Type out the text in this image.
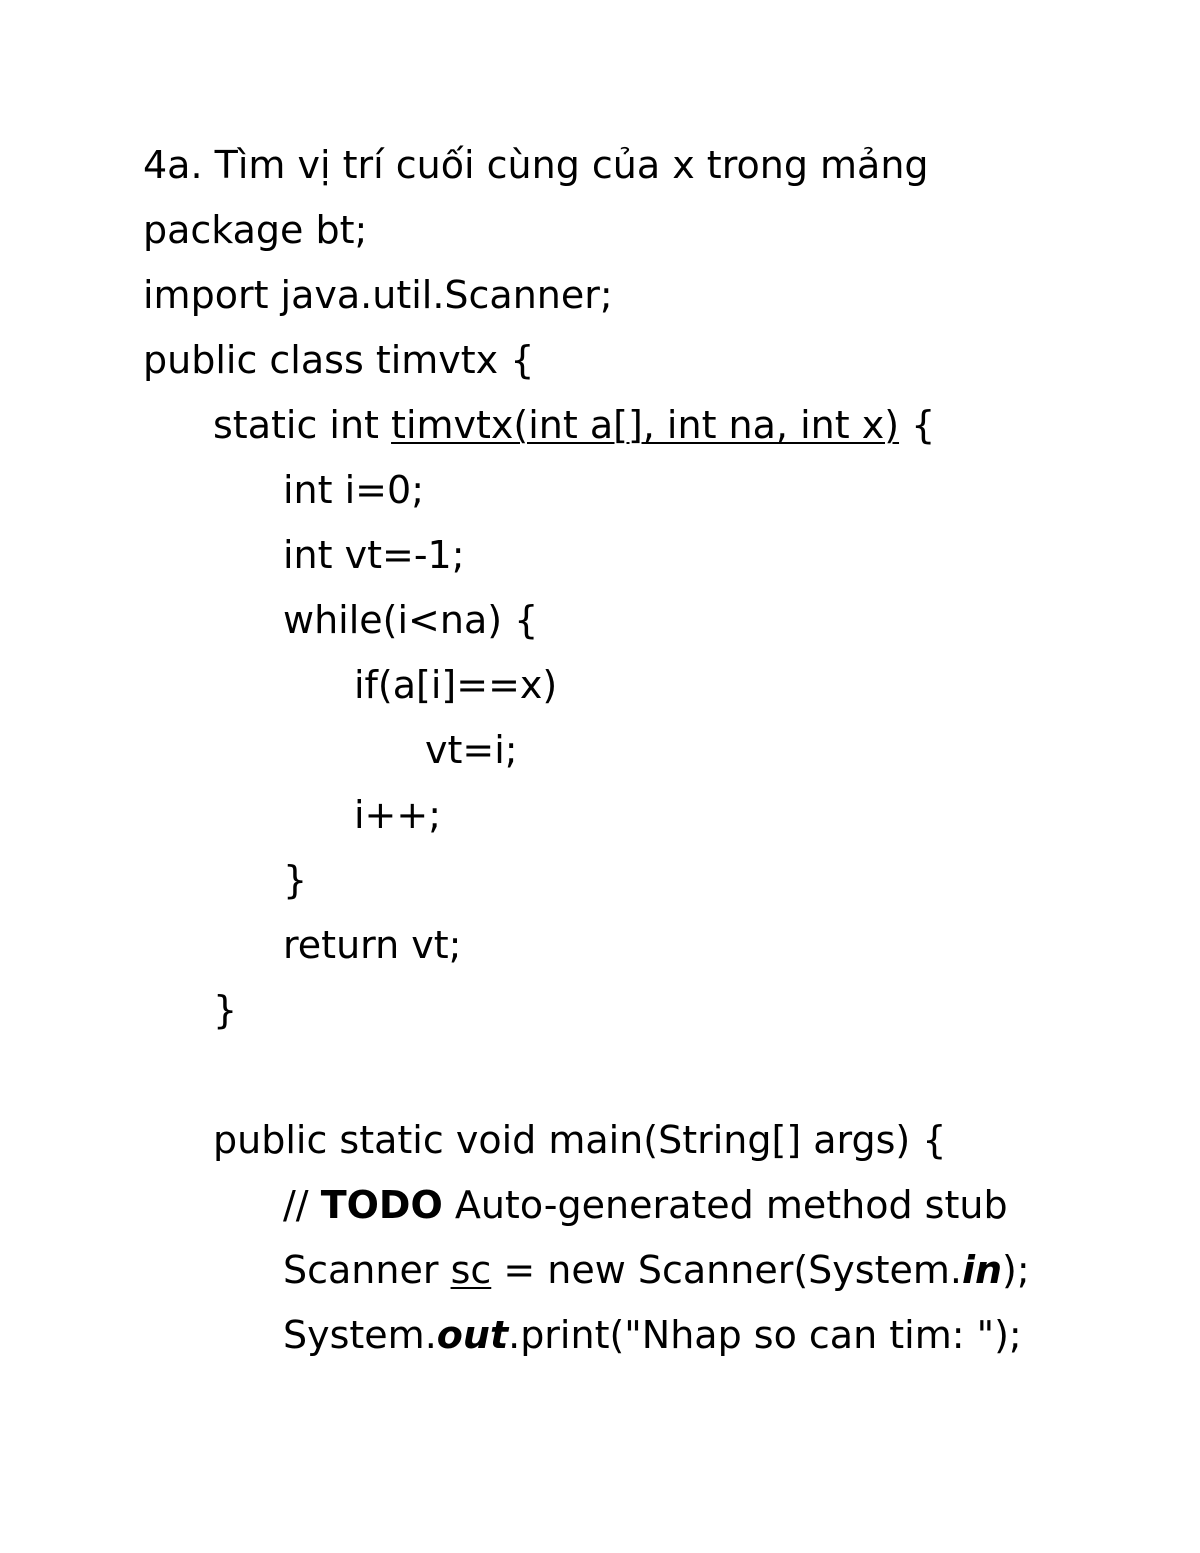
4a. Tìm vị trí cuối cùng của x trong mảng
package bt;
import java.util.Scanner;
public class timvtx {
static int timvtx(int a[], int na, int x) {
int i=0;
int vt=-1;
while(i<na) {
if(a[i]==x)
vt=i;
i++;
}
return vt;
}
public static void main(String[] args) {
// TODO Auto-generated method stub
Scanner sc = new Scanner(System.in);
System.out.print("Nhap so can tim: ");
